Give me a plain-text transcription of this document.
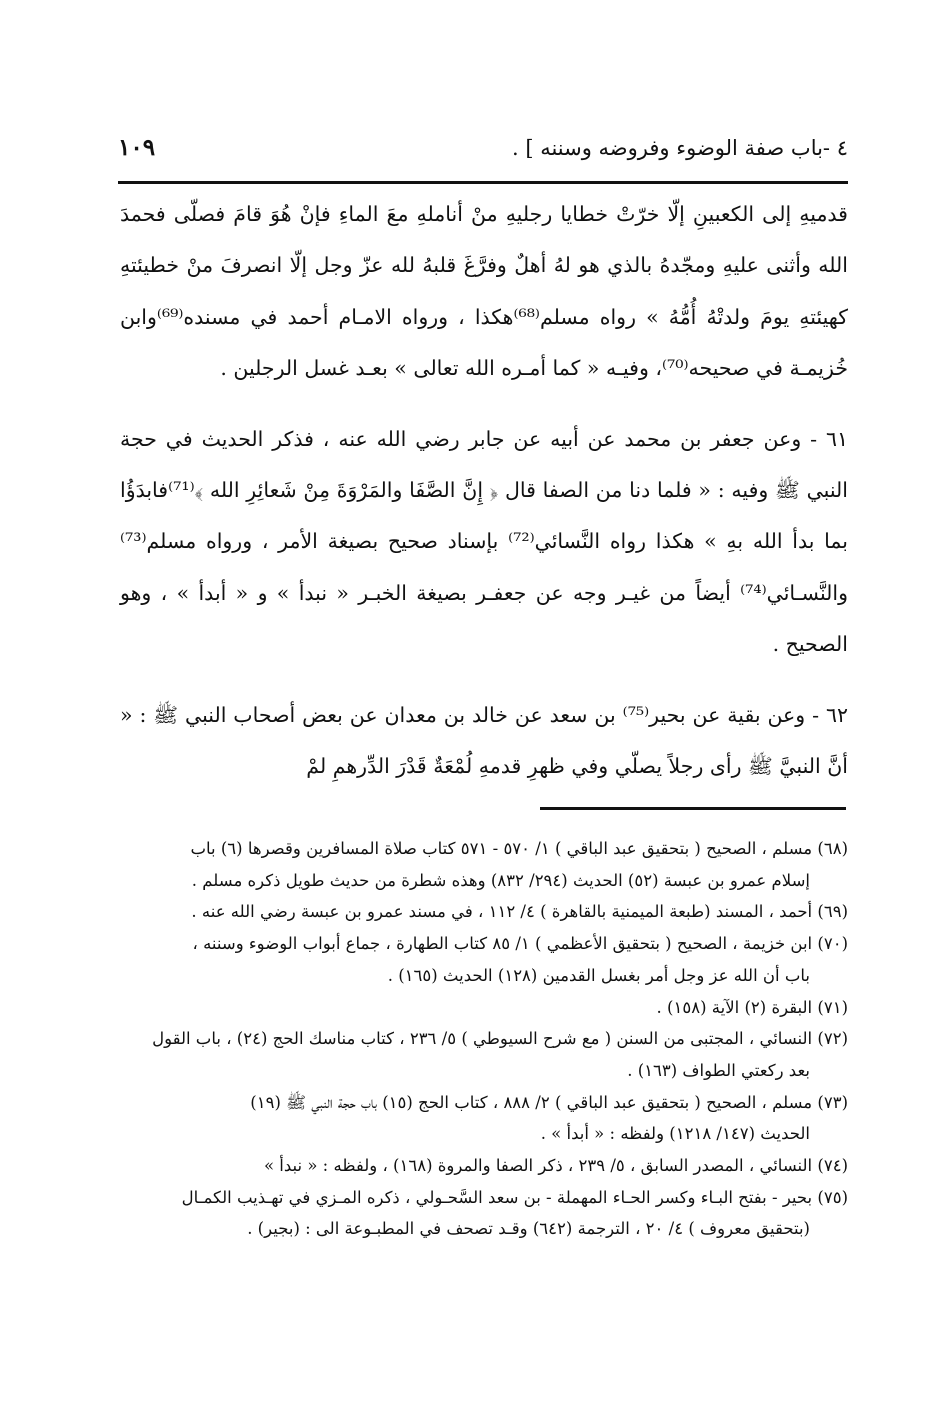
٤ -باب صفة الوضوء وفروضه وسننه ] .
١٠٩

قدميهِ إلى الكعبينِ إلّا خرّتْ خطايا رجليهِ منْ أناملهِ معَ الماءِ فإنْ هُوَ قامَ فصلّى فحمدَ الله وأثنى عليهِ ومجّدهُ بالذي هو لهُ أهلٌ وفرَّغَ قلبهُ لله عزّ وجل إلّا انصرفَ منْ خطيئتهِ كهيئتهِ يومَ ولدتْهُ أُمُّهُ » رواه مسلم⁽⁶⁸⁾هكذا ، ورواه الامـام أحمد في مسنده⁽⁶⁹⁾وابن خُزيمـة في صحيحه⁽⁷⁰⁾، وفيـه « كما أمـره الله تعالى » بعـد غسل الرجلين .

٦١ - وعن جعفر بن محمد عن أبيه عن جابر رضي الله عنه ، فذكر الحديث في حجة النبي ﷺ وفيه : « فلما دنا من الصفا قال ﴿ إِنَّ الصَّفَا والمَرْوَةَ مِنْ شَعائِرِ الله ﴾⁽⁷¹⁾فابدَؤُا بما بدأ الله بهِ » هكذا رواه النَّسائي⁽⁷²⁾ بإسناد صحيح بصيغة الأمر ، ورواه مسلم⁽⁷³⁾والنَّسـائي⁽⁷⁴⁾ أيضاً من غيـر وجه عن جعفـر بصيغة الخبـر « نبدأ » و « أبدأ » ، وهو الصحيح .

٦٢ - وعن بقية عن بحير⁽⁷⁵⁾ بن سعد عن خالد بن معدان عن بعض أصحاب النبي ﷺ : « أنَّ النبيَّ ﷺ رأى رجلاً يصلّي وفي ظهرِ قدمهِ لُمْعَةٌ قَدْرَ الدِّرهمِ لمْ

(٦٨) مسلم ، الصحيح ( بتحقيق عبد الباقي ) ١/ ٥٧٠ - ٥٧١ كتاب صلاة المسافرين وقصرها (٦) باب
إسلام عمرو بن عبسة (٥٢) الحديث (٢٩٤/ ٨٣٢) وهذه شطرة من حديث طويل ذكره مسلم .
(٦٩) أحمد ، المسند (طبعة الميمنية بالقاهرة ) ٤/ ١١٢ ، في مسند عمرو بن عبسة رضي الله عنه .
(٧٠) ابن خزيمة ، الصحيح ( بتحقيق الأعظمي ) ١/ ٨٥ كتاب الطهارة ، جماع أبواب الوضوء وسننه ،
باب أن الله عز وجل أمر بغسل القدمين (١٢٨) الحديث (١٦٥) .
(٧١) البقرة (٢) الآية (١٥٨) .
(٧٢) النسائي ، المجتبى من السنن ( مع شرح السيوطي ) ٥/ ٢٣٦ ، كتاب مناسك الحج (٢٤) ، باب القول
بعد ركعتي الطواف (١٦٣) .
(٧٣) مسلم ، الصحيح ( بتحقيق عبد الباقي ) ٢/ ٨٨٨ ، كتاب الحج (١٥) باب حجة النبي ﷺ (١٩)
الحديث (١٤٧/ ١٢١٨) ولفظه : « أبدأ » .
(٧٤) النسائي ، المصدر السابق ، ٥/ ٢٣٩ ، ذكر الصفا والمروة (١٦٨) ، ولفظه : « نبدأ »
(٧٥) بحير - بفتح البـاء وكسر الحـاء المهملة - بن سعد السَّحـولي ، ذكره المـزي في تهـذيب الكمـال
(بتحقيق معروف ) ٤/ ٢٠ ، الترجمة (٦٤٢) وقـد تصحف في المطبـوعة الى : (بجير) .
